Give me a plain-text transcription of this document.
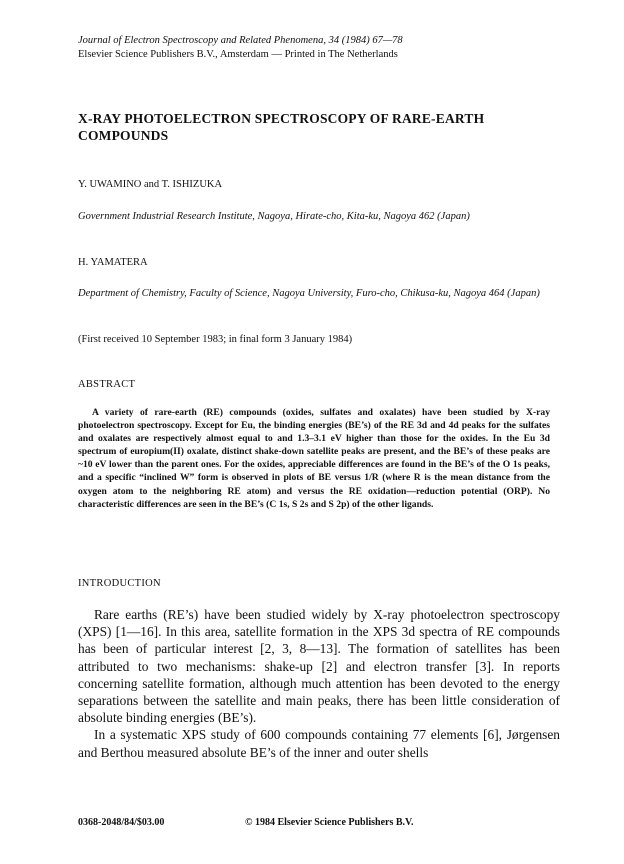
Journal of Electron Spectroscopy and Related Phenomena, 34 (1984) 67—78
Elsevier Science Publishers B.V., Amsterdam — Printed in The Netherlands
X-RAY PHOTOELECTRON SPECTROSCOPY OF RARE-EARTH COMPOUNDS
Y. UWAMINO and T. ISHIZUKA
Government Industrial Research Institute, Nagoya, Hirate-cho, Kita-ku, Nagoya 462 (Japan)
H. YAMATERA
Department of Chemistry, Faculty of Science, Nagoya University, Furo-cho, Chikusa-ku, Nagoya 464 (Japan)
(First received 10 September 1983; in final form 3 January 1984)
ABSTRACT
A variety of rare-earth (RE) compounds (oxides, sulfates and oxalates) have been studied by X-ray photoelectron spectroscopy. Except for Eu, the binding energies (BE’s) of the RE 3d and 4d peaks for the sulfates and oxalates are respectively almost equal to and 1.3–3.1 eV higher than those for the oxides. In the Eu 3d spectrum of europium(II) oxalate, distinct shake-down satellite peaks are present, and the BE’s of these peaks are ~10 eV lower than the parent ones. For the oxides, appreciable differences are found in the BE’s of the O 1s peaks, and a specific “inclined W” form is observed in plots of BE versus 1/R (where R is the mean distance from the oxygen atom to the neighboring RE atom) and versus the RE oxidation—reduction potential (ORP). No characteristic differences are seen in the BE’s (C 1s, S 2s and S 2p) of the other ligands.
INTRODUCTION

Rare earths (RE’s) have been studied widely by X-ray photoelectron spectroscopy (XPS) [1—16]. In this area, satellite formation in the XPS 3d spectra of RE compounds has been of particular interest [2, 3, 8—13]. The formation of satellites has been attributed to two mechanisms: shake-up [2] and electron transfer [3]. In reports concerning satellite formation, although much attention has been devoted to the energy separations between the satellite and main peaks, there has been little consideration of absolute binding energies (BE’s).

In a systematic XPS study of 600 compounds containing 77 elements [6], Jørgensen and Berthou measured absolute BE’s of the inner and outer shells

0368-2048/84/$03.00	© 1984 Elsevier Science Publishers B.V.
